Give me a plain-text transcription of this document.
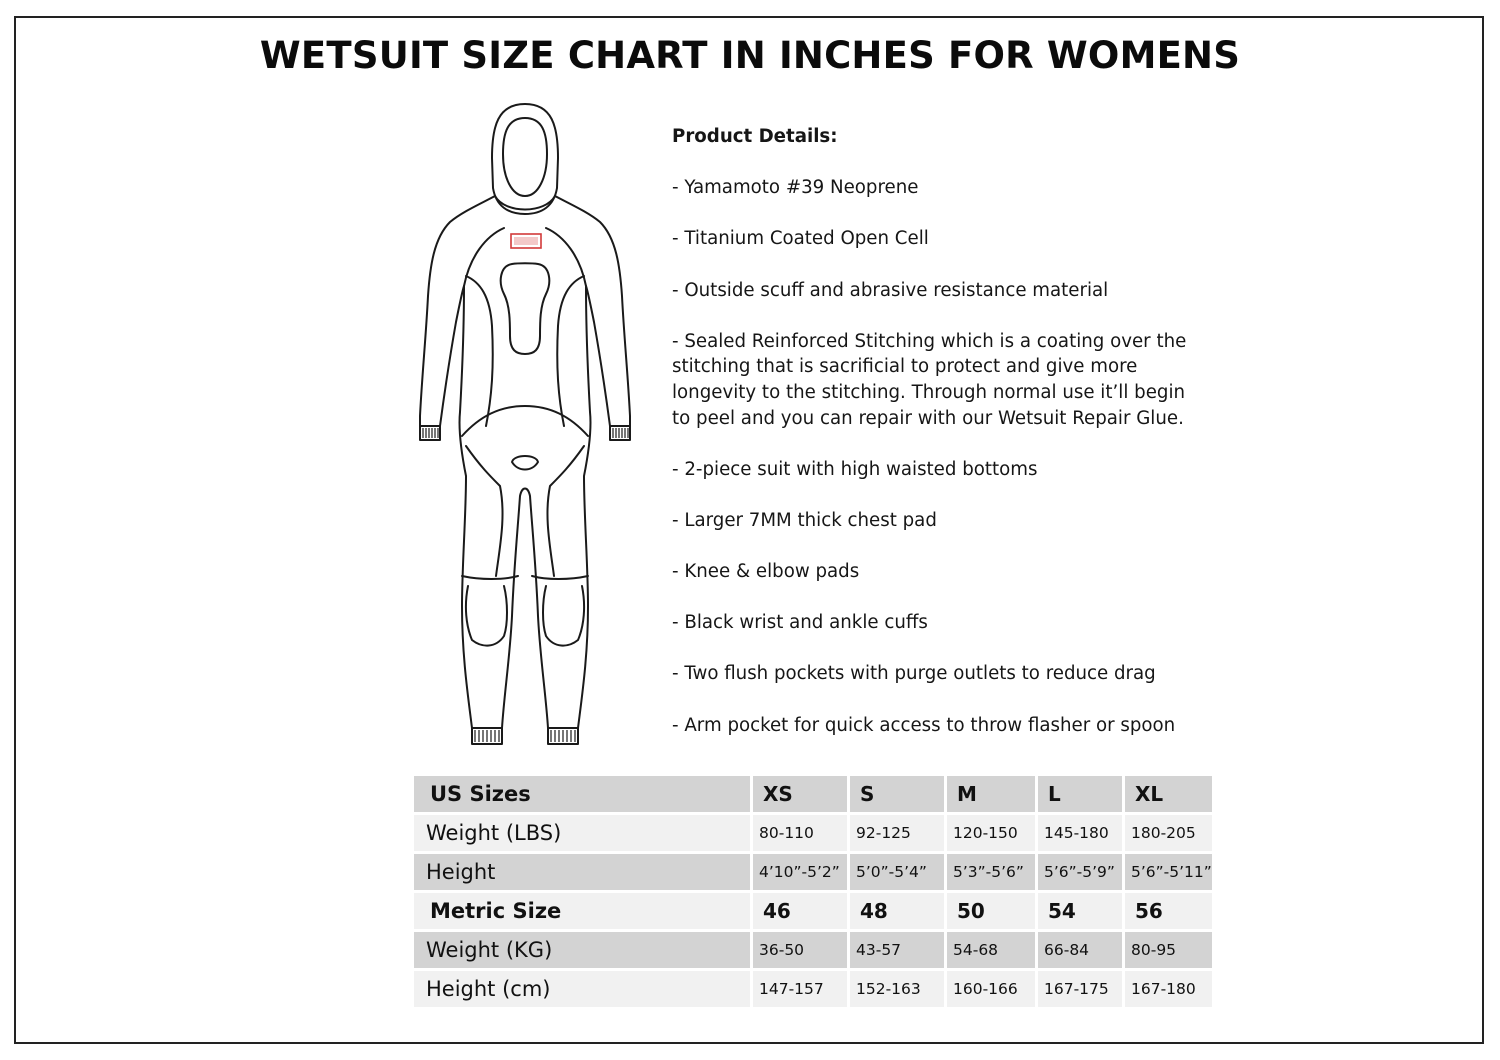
WETSUIT SIZE CHART IN INCHES FOR WOMENS
Product Details:
- Yamamoto #39 Neoprene
- Titanium Coated Open Cell
- Outside scuff and abrasive resistance material
- Sealed Reinforced Stitching which is a coating over the stitching that is sacrificial to protect and give more longevity to the stitching. Through normal use it’ll begin to peel and you can repair with our Wetsuit Repair Glue.
- 2-piece suit with high waisted bottoms
- Larger 7MM thick chest pad
- Knee & elbow pads
- Black wrist and ankle cuffs
- Two flush pockets with purge outlets to reduce drag
- Arm pocket for quick access to throw flasher or spoon
US Sizes	XS	S	M	L	XL
Weight (LBS)	80-110	92-125	120-150	145-180	180-205
Height	4’10”-5’2”	5’0”-5’4”	5’3”-5’6”	5’6”-5’9”	5’6”-5’11”
Metric Size	46	48	50	54	56
Weight (KG)	36-50	43-57	54-68	66-84	80-95
Height (cm)	147-157	152-163	160-166	167-175	167-180
